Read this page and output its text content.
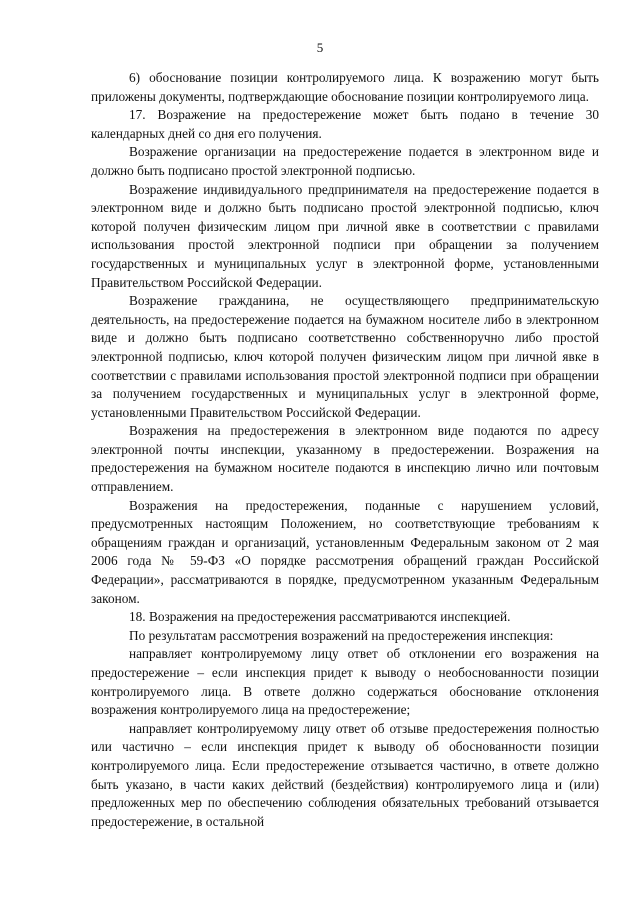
5

6) обоснование позиции контролируемого лица. К возражению могут быть приложены документы, подтверждающие обоснование позиции контролируемого лица.

17. Возражение на предостережение может быть подано в течение 30 календарных дней со дня его получения.

Возражение организации на предостережение подается в электронном виде и должно быть подписано простой электронной подписью.

Возражение индивидуального предпринимателя на предостережение подается в электронном виде и должно быть подписано простой электронной подписью, ключ которой получен физическим лицом при личной явке в соответствии с правилами использования простой электронной подписи при обращении за получением государственных и муниципальных услуг в электронной форме, установленными Правительством Российской Федерации.

Возражение гражданина, не осуществляющего предпринимательскую деятельность, на предостережение подается на бумажном носителе либо в электронном виде и должно быть подписано соответственно собственноручно либо простой электронной подписью, ключ которой получен физическим лицом при личной явке в соответствии с правилами использования простой электронной подписи при обращении за получением государственных и муниципальных услуг в электронной форме, установленными Правительством Российской Федерации.

Возражения на предостережения в электронном виде подаются по адресу электронной почты инспекции, указанному в предостережении. Возражения на предостережения на бумажном носителе подаются в инспекцию лично или почтовым отправлением.

Возражения на предостережения, поданные с нарушением условий, предусмотренных настоящим Положением, но соответствующие требованиям к обращениям граждан и организаций, установленным Федеральным законом от 2 мая 2006 года № 59-ФЗ «О порядке рассмотрения обращений граждан Российской Федерации», рассматриваются в порядке, предусмотренном указанным Федеральным законом.

18. Возражения на предостережения рассматриваются инспекцией.

По результатам рассмотрения возражений на предостережения инспекция:

направляет контролируемому лицу ответ об отклонении его возражения на предостережение – если инспекция придет к выводу о необоснованности позиции контролируемого лица. В ответе должно содержаться обоснование отклонения возражения контролируемого лица на предостережение;

направляет контролируемому лицу ответ об отзыве предостережения полностью или частично – если инспекция придет к выводу об обоснованности позиции контролируемого лица. Если предостережение отзывается частично, в ответе должно быть указано, в части каких действий (бездействия) контролируемого лица и (или) предложенных мер по обеспечению соблюдения обязательных требований отзывается предостережение, в остальной
